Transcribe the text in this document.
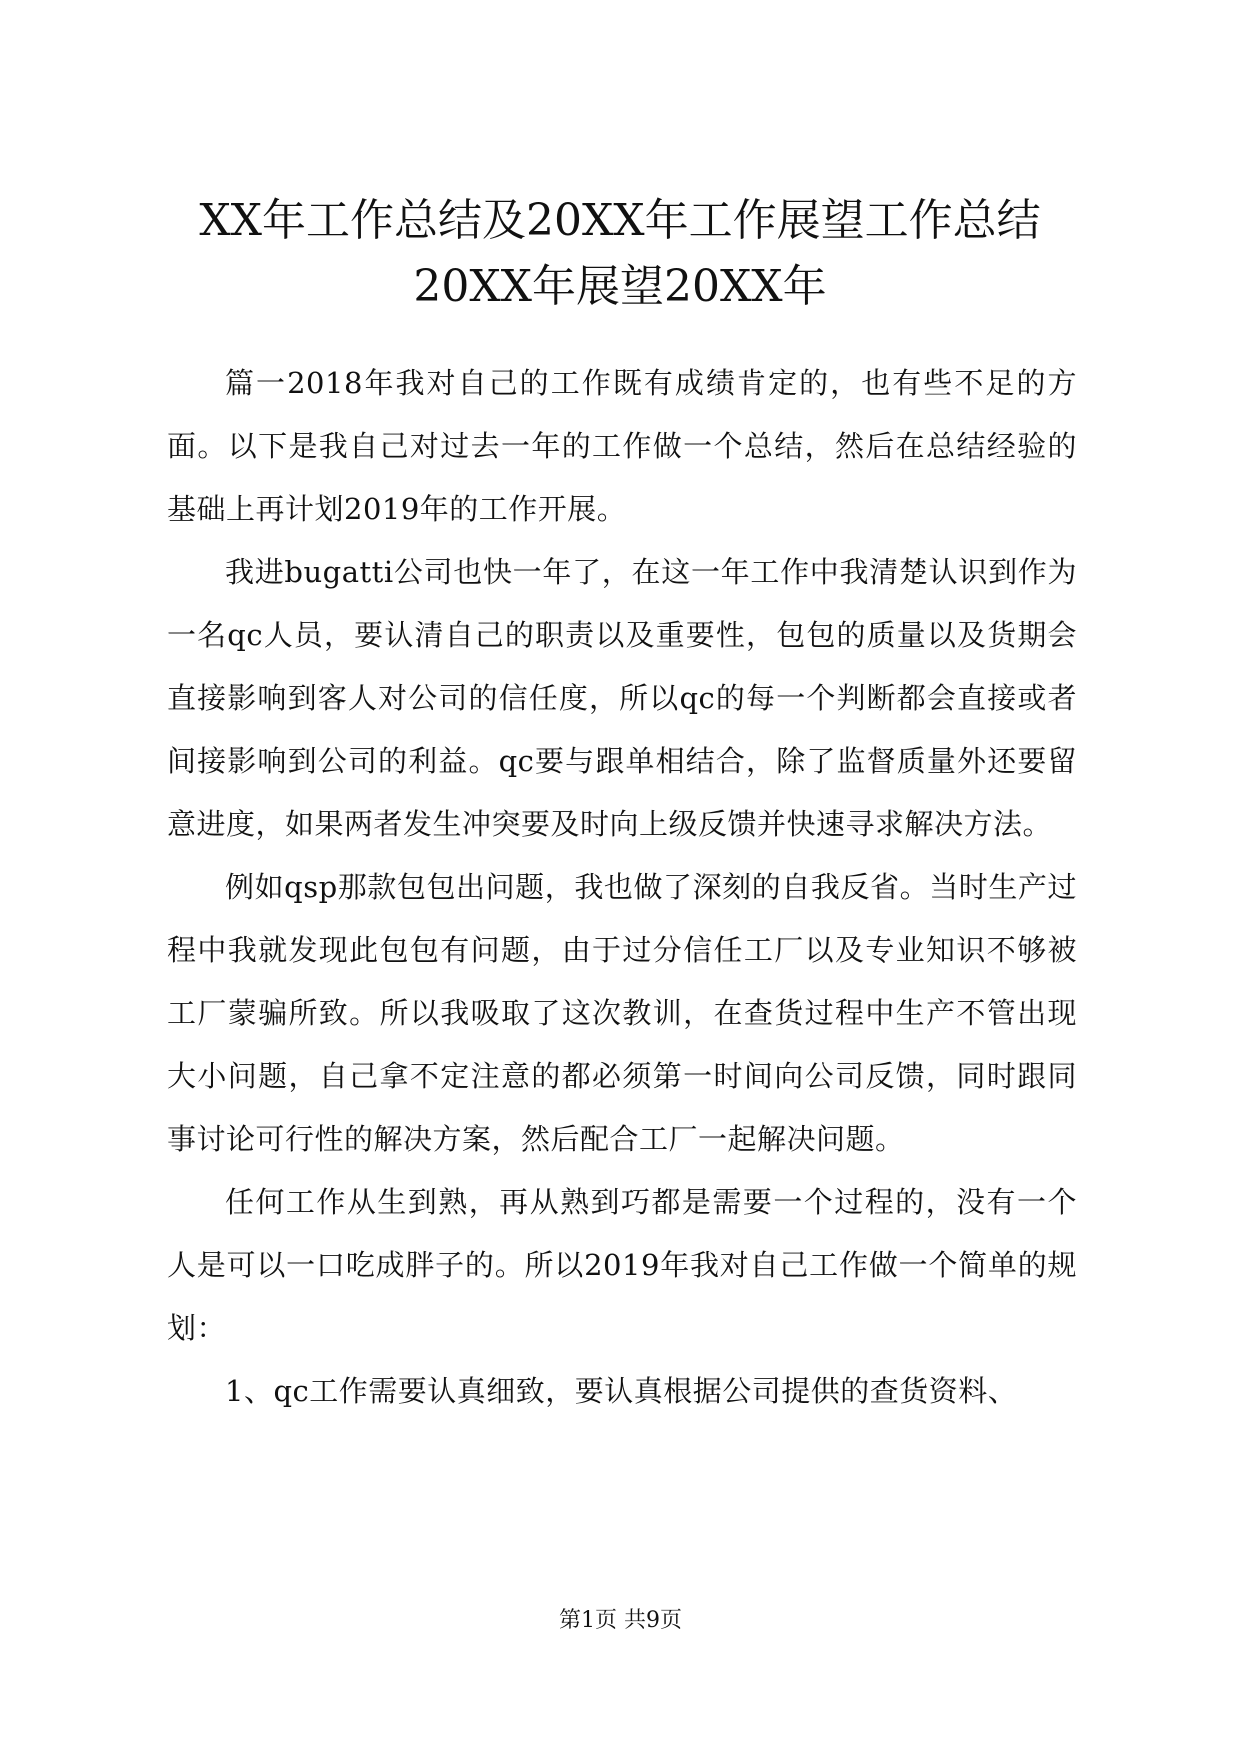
XX年工作总结及20XX年工作展望工作总结
20XX年展望20XX年

篇一2018年我对自己的工作既有成绩肯定的，也有些不足的方面。以下是我自己对过去一年的工作做一个总结，然后在总结经验的基础上再计划2019年的工作开展。

我进bugatti公司也快一年了，在这一年工作中我清楚认识到作为一名qc人员，要认清自己的职责以及重要性，包包的质量以及货期会直接影响到客人对公司的信任度，所以qc的每一个判断都会直接或者间接影响到公司的利益。qc要与跟单相结合，除了监督质量外还要留意进度，如果两者发生冲突要及时向上级反馈并快速寻求解决方法。

例如qsp那款包包出问题，我也做了深刻的自我反省。当时生产过程中我就发现此包包有问题，由于过分信任工厂以及专业知识不够被工厂蒙骗所致。所以我吸取了这次教训，在查货过程中生产不管出现大小问题，自己拿不定注意的都必须第一时间向公司反馈，同时跟同事讨论可行性的解决方案，然后配合工厂一起解决问题。

任何工作从生到熟，再从熟到巧都是需要一个过程的，没有一个人是可以一口吃成胖子的。所以2019年我对自己工作做一个简单的规划：

1、qc工作需要认真细致，要认真根据公司提供的查货资料、

第1页 共9页
